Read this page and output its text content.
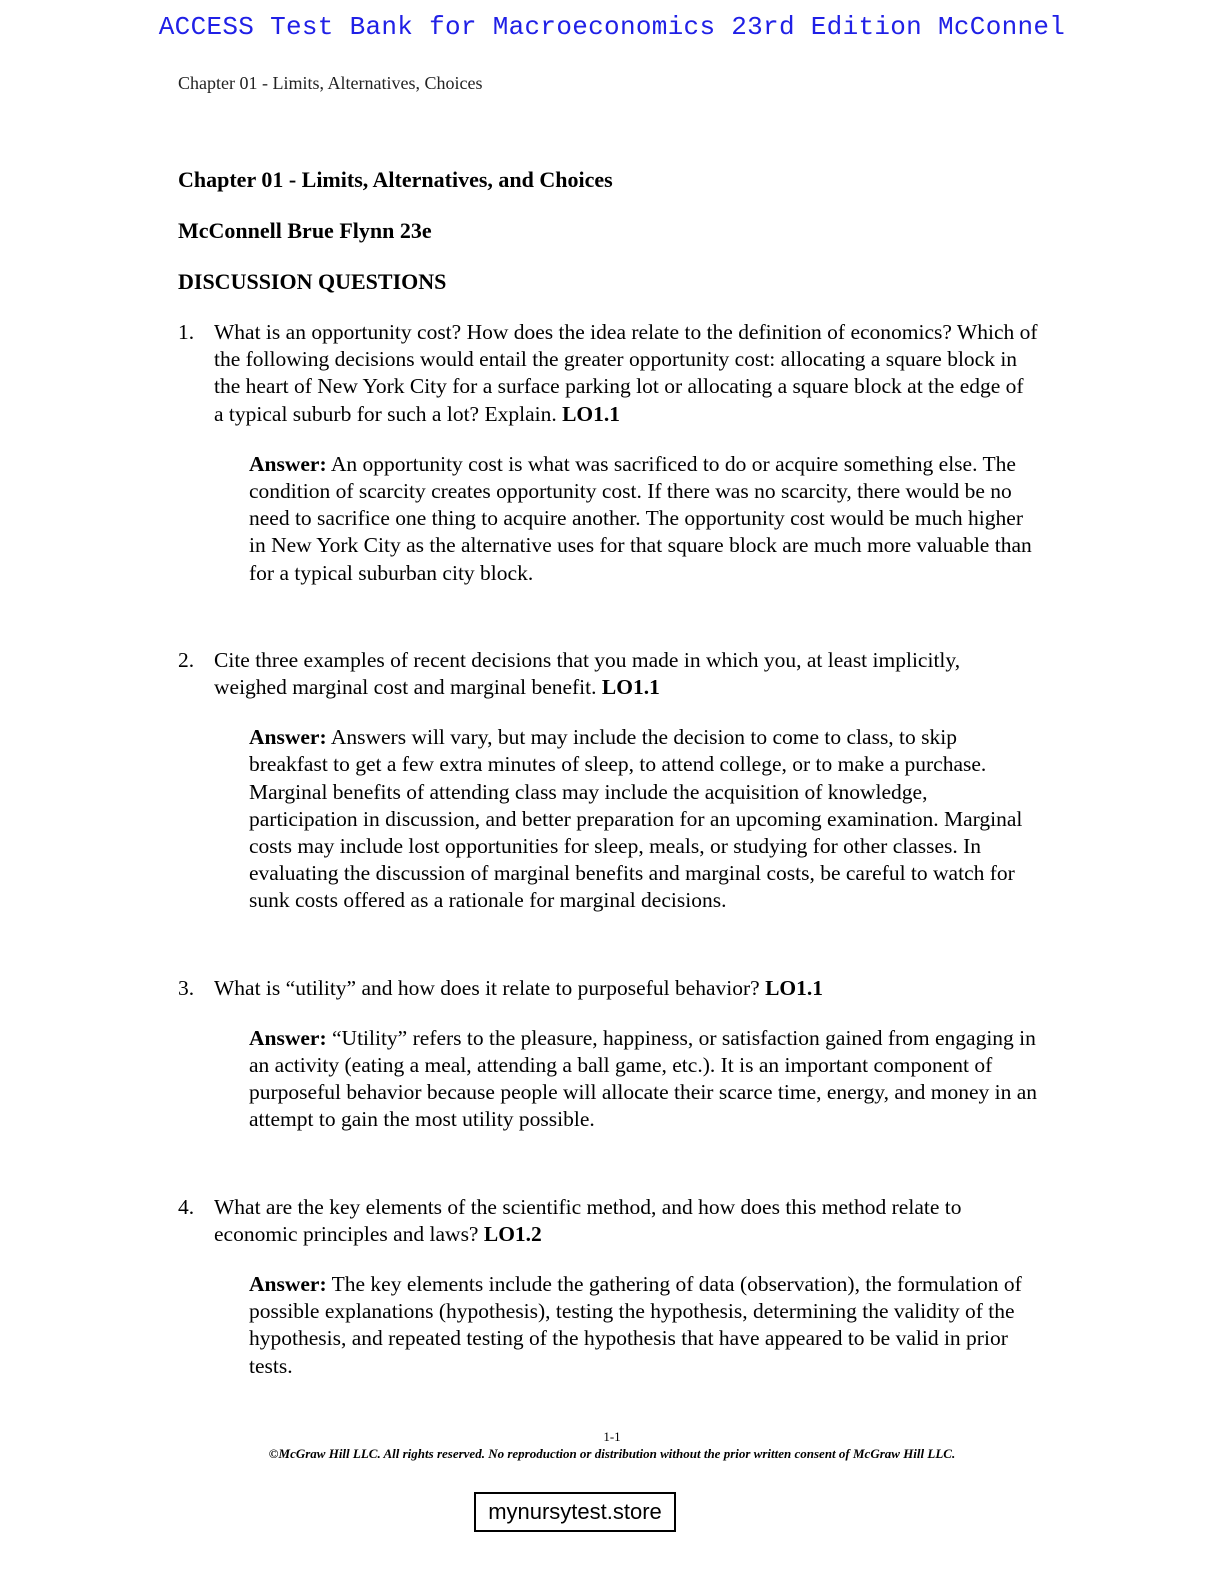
ACCESS Test Bank for Macroeconomics 23rd Edition McConnel
Chapter 01 - Limits, Alternatives, Choices

Chapter 01 - Limits, Alternatives, and Choices

McConnell Brue Flynn 23e

DISCUSSION QUESTIONS

1. What is an opportunity cost? How does the idea relate to the definition of economics? Which of the following decisions would entail the greater opportunity cost: allocating a square block in the heart of New York City for a surface parking lot or allocating a square block at the edge of a typical suburb for such a lot? Explain. LO1.1

Answer: An opportunity cost is what was sacrificed to do or acquire something else. The condition of scarcity creates opportunity cost. If there was no scarcity, there would be no need to sacrifice one thing to acquire another. The opportunity cost would be much higher in New York City as the alternative uses for that square block are much more valuable than for a typical suburban city block.

2. Cite three examples of recent decisions that you made in which you, at least implicitly, weighed marginal cost and marginal benefit. LO1.1

Answer: Answers will vary, but may include the decision to come to class, to skip breakfast to get a few extra minutes of sleep, to attend college, or to make a purchase. Marginal benefits of attending class may include the acquisition of knowledge, participation in discussion, and better preparation for an upcoming examination. Marginal costs may include lost opportunities for sleep, meals, or studying for other classes. In evaluating the discussion of marginal benefits and marginal costs, be careful to watch for sunk costs offered as a rationale for marginal decisions.

3. What is “utility” and how does it relate to purposeful behavior? LO1.1

Answer: “Utility” refers to the pleasure, happiness, or satisfaction gained from engaging in an activity (eating a meal, attending a ball game, etc.). It is an important component of purposeful behavior because people will allocate their scarce time, energy, and money in an attempt to gain the most utility possible.

4. What are the key elements of the scientific method, and how does this method relate to economic principles and laws? LO1.2

Answer: The key elements include the gathering of data (observation), the formulation of possible explanations (hypothesis), testing the hypothesis, determining the validity of the hypothesis, and repeated testing of the hypothesis that have appeared to be valid in prior tests.

1-1
©McGraw Hill LLC. All rights reserved. No reproduction or distribution without the prior written consent of McGraw Hill LLC.
mynursytest.store
